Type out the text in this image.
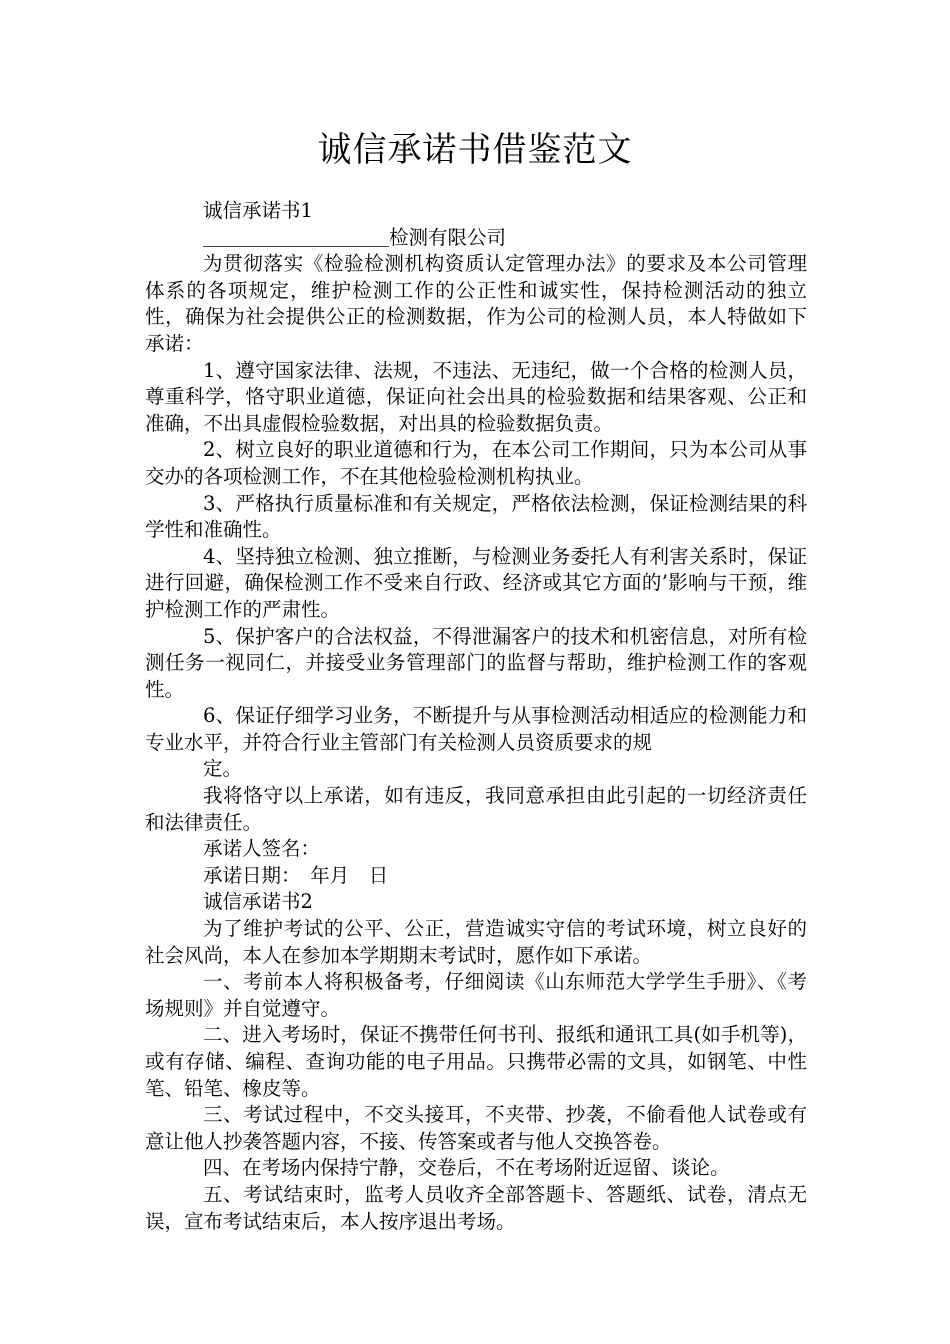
诚信承诺书借鉴范文

诚信承诺书1

检测有限公司

为贯彻落实《检验检测机构资质认定管理办法》的要求及本公司管理体系的各项规定，维护检测工作的公正性和诚实性，保持检测活动的独立性，确保为社会提供公正的检测数据，作为公司的检测人员，本人特做如下承诺：

1、遵守国家法律、法规，不违法、无违纪，做一个合格的检测人员，尊重科学，恪守职业道德，保证向社会出具的检验数据和结果客观、公正和准确，不出具虚假检验数据，对出具的检验数据负责。

2、树立良好的职业道德和行为，在本公司工作期间，只为本公司从事交办的各项检测工作，不在其他检验检测机构执业。

3、严格执行质量标准和有关规定，严格依法检测，保证检测结果的科学性和准确性。

4、坚持独立检测、独立推断，与检测业务委托人有利害关系时，保证进行回避，确保检测工作不受来自行政、经济或其它方面的’影响与干预，维护检测工作的严肃性。

5、保护客户的合法权益，不得泄漏客户的技术和机密信息，对所有检测任务一视同仁，并接受业务管理部门的监督与帮助，维护检测工作的客观性。

6、保证仔细学习业务，不断提升与从事检测活动相适应的检测能力和专业水平，并符合行业主管部门有关检测人员资质要求的规

定。

我将恪守以上承诺，如有违反，我同意承担由此引起的一切经济责任和法律责任。

承诺人签名：

承诺日期：　年月　日

诚信承诺书2

为了维护考试的公平、公正，营造诚实守信的考试环境，树立良好的社会风尚，本人在参加本学期期末考试时，愿作如下承诺。

一、考前本人将积极备考，仔细阅读《山东师范大学学生手册》、《考场规则》并自觉遵守。

二、进入考场时，保证不携带任何书刊、报纸和通讯工具(如手机等)，或有存储、编程、查询功能的电子用品。只携带必需的文具，如钢笔、中性笔、铅笔、橡皮等。

三、考试过程中，不交头接耳，不夹带、抄袭，不偷看他人试卷或有意让他人抄袭答题内容，不接、传答案或者与他人交换答卷。

四、在考场内保持宁静，交卷后，不在考场附近逗留、谈论。

五、考试结束时，监考人员收齐全部答题卡、答题纸、试卷，清点无误，宣布考试结束后，本人按序退出考场。
